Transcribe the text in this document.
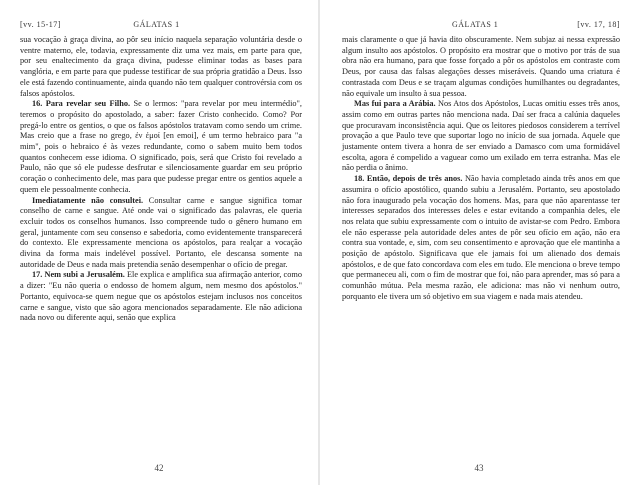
[vv. 15-17]	GÁLATAS 1

sua vocação à graça divina, ao pôr seu início naquela separação voluntária desde o ventre materno, ele, todavia, expressamente diz uma vez mais, em parte para que, por seu enaltecimento da graça divina, pudesse eliminar todas as bases para vanglória, e em parte para que pudesse testificar de sua própria gratidão a Deus. Isso ele está fazendo continuamente, ainda quando não tem qualquer controvérsia com os falsos apóstolos.

16. Para revelar seu Filho. Se o lermos: "para revelar por meu intermédio", teremos o propósito do apostolado, a saber: fazer Cristo conhecido. Como? Por pregá-lo entre os gentios, o que os falsos apóstolos tratavam como sendo um crime. Mas creio que a frase no grego, ἐν ἐμοί [en emoi], é um termo hebraico para "a mim", pois o hebraico é às vezes redundante, como o sabem muito bem todos quantos conhecem esse idioma. O significado, pois, será que Cristo foi revelado a Paulo, não que só ele pudesse desfrutar e silenciosamente guardar em seu próprio coração o conhecimento dele, mas para que pudesse pregar entre os gentios aquele a quem ele pessoalmente conhecia.

Imediatamente não consultei. Consultar carne e sangue significa tomar conselho de carne e sangue. Até onde vai o significado das palavras, ele queria excluir todos os conselhos humanos. Isso compreende tudo o gênero humano em geral, juntamente com seu consenso e sabedoria, como evidentemente transparecerá do contexto. Ele expressamente menciona os apóstolos, para realçar a vocação divina da forma mais indelével possível. Portanto, ele descansa somente na autoridade de Deus e nada mais pretendia senão desempenhar o ofício de pregar.

17. Nem subi a Jerusalém. Ele explica e amplifica sua afirmação anterior, como a dizer: "Eu não queria o endosso de homem algum, nem mesmo dos apóstolos." Portanto, equivoca-se quem negue que os apóstolos estejam inclusos nos conceitos carne e sangue, visto que são agora mencionados separadamente. Ele não adiciona nada novo ou diferente aqui, senão que explica

42
GÁLATAS 1	[vv. 17, 18]

mais claramente o que já havia dito obscuramente. Nem subjaz ai nessa expressão algum insulto aos apóstolos. O propósito era mostrar que o motivo por trás de sua obra não era humano, para que fosse forçado a pôr os apóstolos em contraste com Deus, por causa das falsas alegações desses miseráveis. Quando uma criatura é contrastada com Deus e se traçam algumas condições humilhantes ou degradantes, não equivale um insulto à sua pessoa.

Mas fui para a Arábia. Nos Atos dos Apóstolos, Lucas omitiu esses três anos, assim como em outras partes não menciona nada. Daí ser fraca a calúnia daqueles que procuravam inconsistência aqui. Que os leitores piedosos considerem a terrível provação a que Paulo teve que suportar logo no início de sua jornada. Aquele que justamente ontem tivera a honra de ser enviado a Damasco com uma formidável escolta, agora é compelido a vaguear como um exilado em terra estranha. Mas ele não perdia o ânimo.

18. Então, depois de três anos. Não havia completado ainda três anos em que assumira o ofício apostólico, quando subiu a Jerusalém. Portanto, seu apostolado não fora inaugurado pela vocação dos homens. Mas, para que não aparentasse ter interesses separados dos interesses deles e estar evitando a companhia deles, ele nos relata que subiu expressamente com o intuito de avistar-se com Pedro. Embora ele não esperasse pela autoridade deles antes de pôr seu ofício em ação, não era contra sua vontade, e, sim, com seu consentimento e aprovação que ele mantinha a posição de apóstolo. Significava que ele jamais foi um alienado dos demais apóstolos, e de que fato concordava com eles em tudo. Ele menciona o breve tempo que permaneceu ali, com o fim de mostrar que foi, não para aprender, mas só para a comunhão mútua. Pela mesma razão, ele adiciona: mas não vi nenhum outro, porquanto ele tivera um só objetivo em sua viagem e nada mais atendeu.

43
